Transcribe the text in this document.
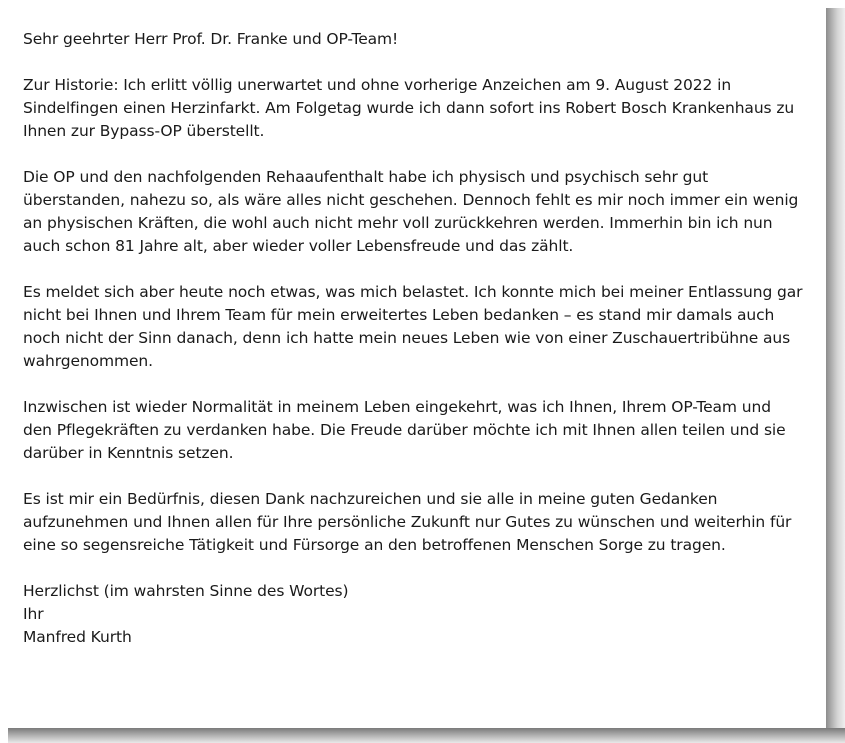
Sehr geehrter Herr Prof. Dr. Franke und OP-Team!

Zur Historie: Ich erlitt völlig unerwartet und ohne vorherige Anzeichen am 9. August 2022 in Sindelfingen einen Herzinfarkt. Am Folgetag wurde ich dann sofort ins Robert Bosch Krankenhaus zu Ihnen zur Bypass-OP überstellt.

Die OP und den nachfolgenden Rehaaufenthalt habe ich physisch und psychisch sehr gut überstanden, nahezu so, als wäre alles nicht geschehen. Dennoch fehlt es mir noch immer ein wenig an physischen Kräften, die wohl auch nicht mehr voll zurückkehren werden. Immerhin bin ich nun auch schon 81 Jahre alt, aber wieder voller Lebensfreude und das zählt.

Es meldet sich aber heute noch etwas, was mich belastet. Ich konnte mich bei meiner Entlassung gar nicht bei Ihnen und Ihrem Team für mein erweitertes Leben bedanken – es stand mir damals auch noch nicht der Sinn danach, denn ich hatte mein neues Leben wie von einer Zuschauertribühne aus wahrgenommen.

Inzwischen ist wieder Normalität in meinem Leben eingekehrt, was ich Ihnen, Ihrem OP-Team und den Pflegekräften zu verdanken habe. Die Freude darüber möchte ich mit Ihnen allen teilen und sie darüber in Kenntnis setzen.

Es ist mir ein Bedürfnis, diesen Dank nachzureichen und sie alle in meine guten Gedanken aufzunehmen und Ihnen allen für Ihre persönliche Zukunft nur Gutes zu wünschen und weiterhin für eine so segensreiche Tätigkeit und Fürsorge an den betroffenen Menschen Sorge zu tragen.

Herzlichst (im wahrsten Sinne des Wortes)
Ihr
Manfred Kurth
